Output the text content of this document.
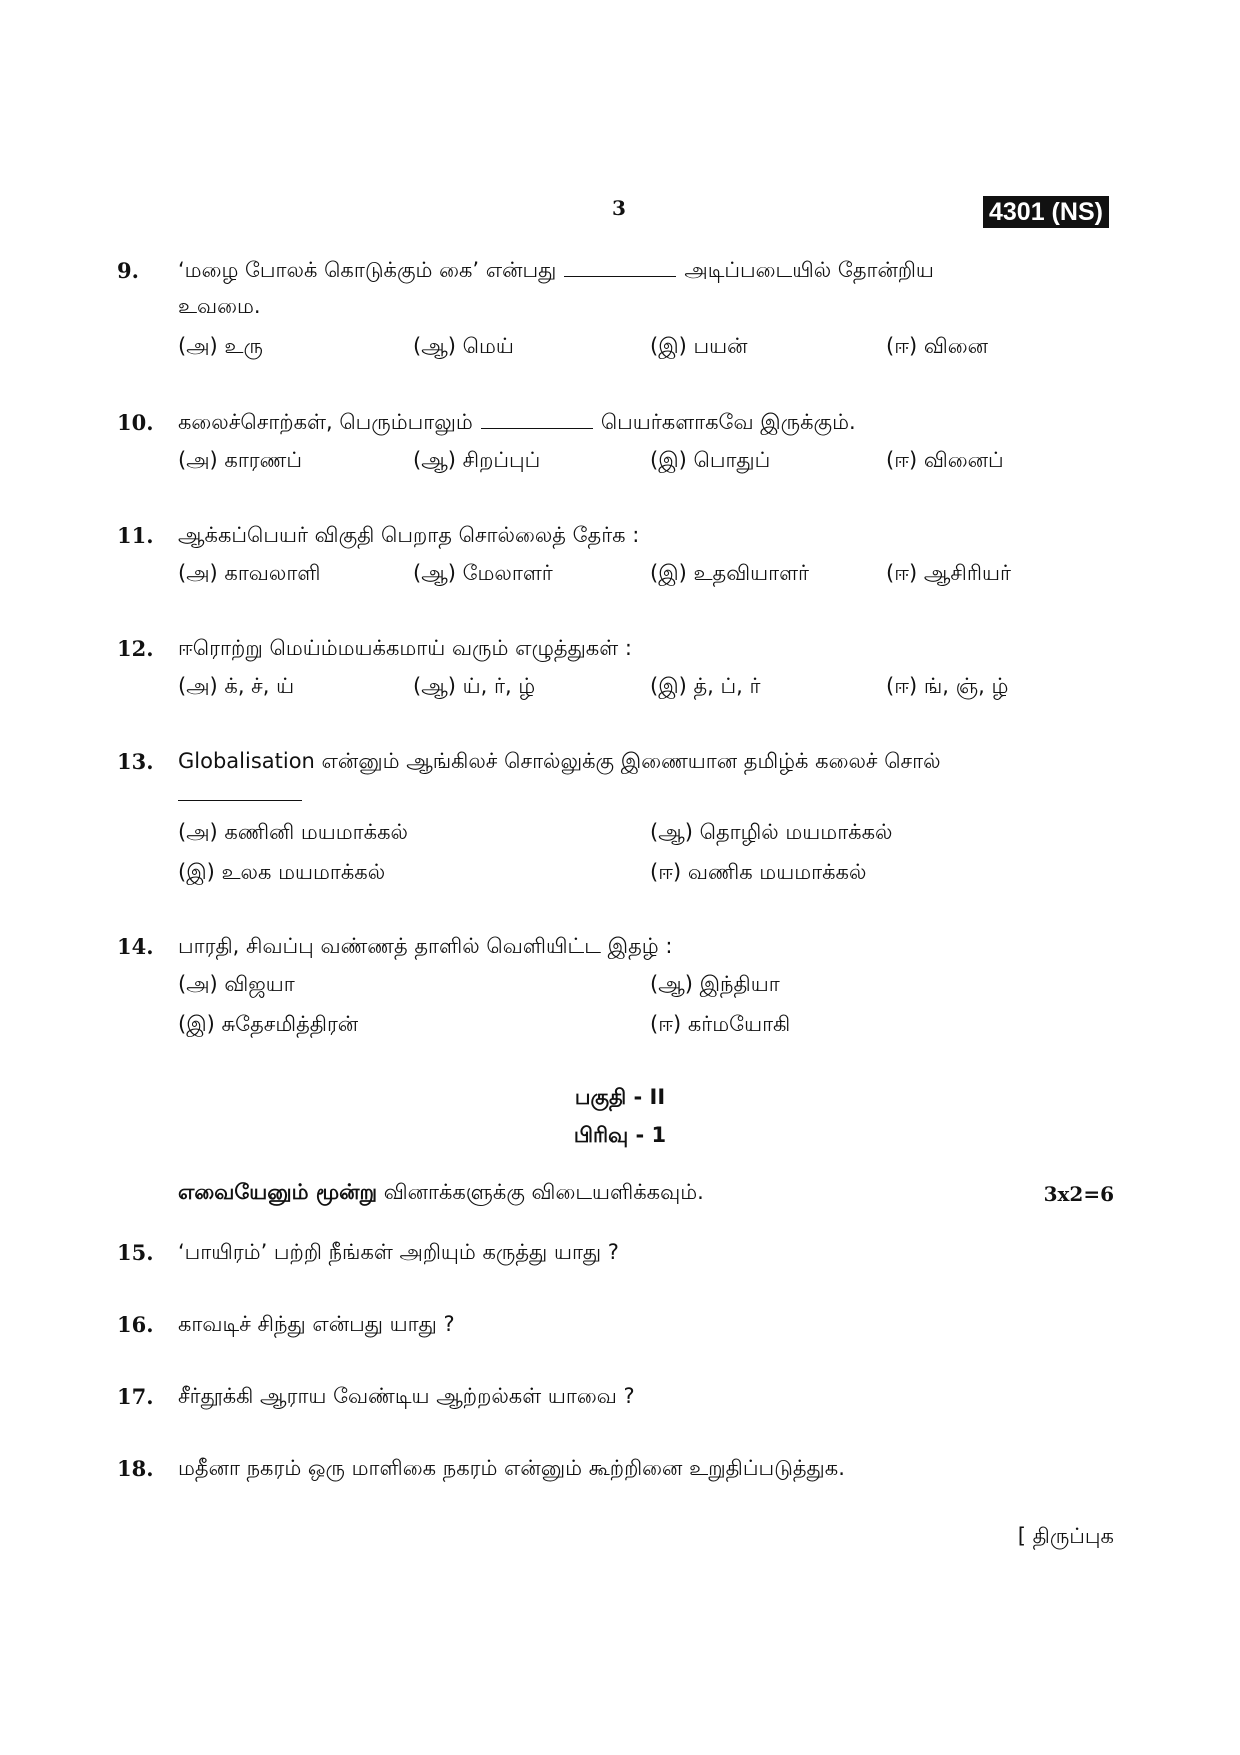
3	4301 (NS)
9. ‘மழை போலக் கொடுக்கும் கை’ என்பது	அடிப்படையில் தோன்றிய
உவமை.
(அ) உரு	(ஆ) மெய்	(இ) பயன்	(ஈ) வினை
10. கலைச்சொற்கள், பெரும்பாலும்	பெயர்களாகவே இருக்கும்.
(அ) காரணப்	(ஆ) சிறப்புப்	(இ) பொதுப்	(ஈ) வினைப்
11. ஆக்கப்பெயர் விகுதி பெறாத சொல்லைத் தேர்க :
(அ) காவலாளி	(ஆ) மேலாளர்	(இ) உதவியாளர்	(ஈ) ஆசிரியர்
12. ஈரொற்று மெய்ம்மயக்கமாய் வரும் எழுத்துகள் :
(அ) க், ச், ய்	(ஆ) ய், ர், ழ்	(இ) த், ப், ர்	(ஈ) ங், ஞ், ழ்
13. Globalisation என்னும் ஆங்கிலச் சொல்லுக்கு இணையான தமிழ்க் கலைச் சொல்
(அ) கணினி மயமாக்கல்	(ஆ) தொழில் மயமாக்கல்
(இ) உலக மயமாக்கல்	(ஈ) வணிக மயமாக்கல்
14. பாரதி, சிவப்பு வண்ணத் தாளில் வெளியிட்ட இதழ் :
(அ) விஜயா	(ஆ) இந்தியா
(இ) சுதேசமித்திரன்	(ஈ) கர்மயோகி
பகுதி - II
பிரிவு - 1
எவையேனும் மூன்று வினாக்களுக்கு விடையளிக்கவும்.	3x2=6
15. ‘பாயிரம்’ பற்றி நீங்கள் அறியும் கருத்து யாது ?
16. காவடிச் சிந்து என்பது யாது ?
17. சீர்தூக்கி ஆராய வேண்டிய ஆற்றல்கள் யாவை ?
18. மதீனா நகரம் ஒரு மாளிகை நகரம் என்னும் கூற்றினை உறுதிப்படுத்துக.
[ திருப்புக
